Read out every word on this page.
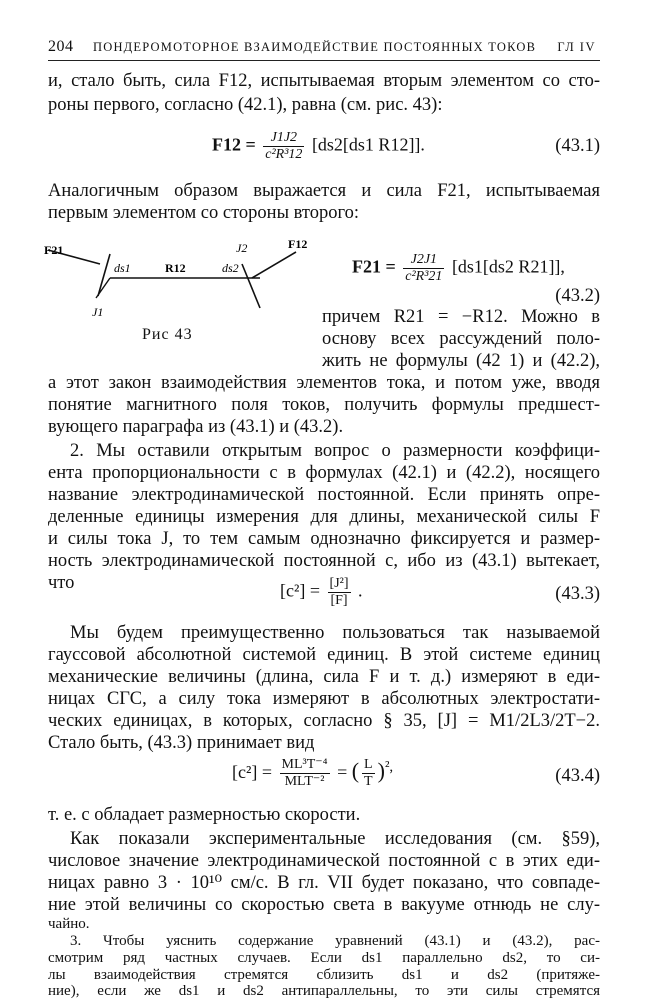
204 ПОНДЕРОМОТОРНОЕ ВЗАИМОДЕЙСТВИЕ ПОСТОЯННЫХ ТОКОВ ГЛ IV
и, стало быть, сила F12, испытываемая вторым элементом со сто-
роны первого, согласно (42.1), равна (см. рис. 43):
$F12 = \frac{J1J2}{\text{c²R³12}} [ds2[ds1$ R12]].	(43.1)
Аналогичным образом выражается и сила F21, испытываемая
первым элементом со стороны второго:
F21
ds1	R12	ds2
J1
J2	F12
Рис 43
$F21 = \frac{J2J1}{\text{c²R³21}} [ds1[ds2$ R21]],
(43.2)
причем R21 = −R12. Можно в
основу всех рассуждений поло-
жить не формулы (42 1) и (42.2),
а этот закон взаимодействия элементов тока, и потом уже, вводя
понятие магнитного поля токов, получить формулы предшест-
вующего параграфа из (43.1) и (43.2).
2. Мы оставили открытым вопрос о размерности коэффици-
ента пропорциональности c в формулах (42.1) и (42.2), носящего
название электродинамической постоянной. Если принять опре-
деленные единицы измерения для длины, механической силы F
и силы тока J, то тем самым однозначно фиксируется и размер-
ность электродинамической постоянной c, ибо из (43.1) вытекает,
что	$[c^2] = \frac{\text{[J²]}}{[F]}$ .	(43.3)
Мы будем преимущественно пользоваться так называемой
гауссовой абсолютной системой единиц. В этой системе единиц
механические величины (длина, сила F и т. д.) измеряют в еди-
ницах СГС, а силу тока измеряют в абсолютных электростати-
ческих единицах, в которых, согласно § 35, [J] = M1/2L3/2T−2.
Стало быть, (43.3) принимает вид
$[c^2] = \frac{\text{ML³T⁻⁴}}{\text{MLT⁻²}}$ = ( $\frac{L}{T} )^{^2,}$	(43.4)
т. е. c обладает размерностью скорости.
Как показали экспериментальные исследования (см. §59),
числовое значение электродинамической постоянной c в этих еди-
ницах равно 3 · 10¹⁰ см/с. В гл. VII будет показано, что совпаде-
ние этой величины со скоростью света в вакууме отнюдь не слу-
чайно.
3. Чтобы уяснить содержание уравнений (43.1) и (43.2), рас-
смотрим ряд частных случаев. Если ds1 параллельно ds2, то си-
лы взаимодействия стремятся сблизить ds1 и ds2 (притяже-
ние), если же ds1 и ds2 антипараллельны, то эти силы стремятся
